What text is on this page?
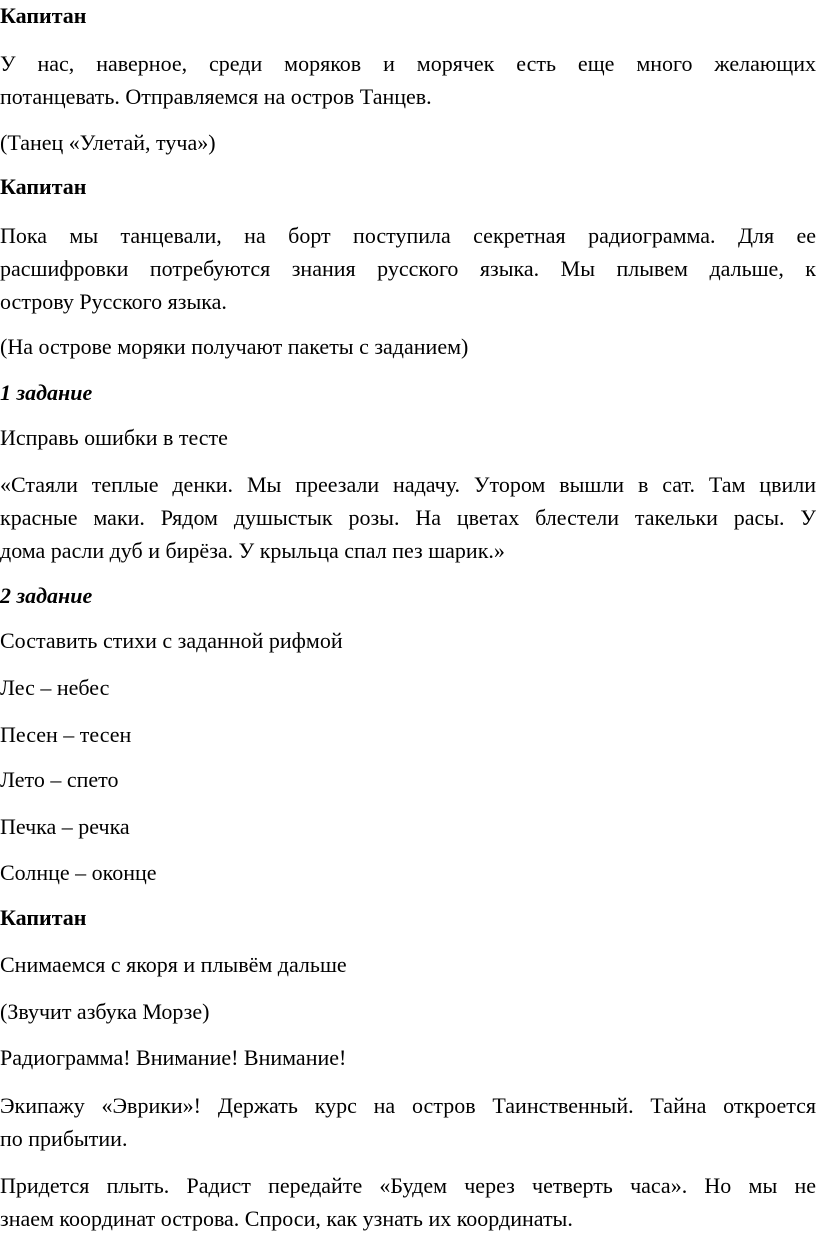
Капитан
У нас, наверное, среди моряков и морячек есть еще много желающих
потанцевать. Отправляемся на остров Танцев.
(Танец «Улетай, туча»)
Капитан
Пока мы танцевали, на борт поступила секретная радиограмма. Для ее
расшифровки потребуются знания русского языка. Мы плывем дальше, к
острову Русского языка.
(На острове моряки получают пакеты с заданием)
1 задание
Исправь ошибки в тесте
«Стаяли теплые денки. Мы преезали надачу. Утором вышли в сат. Там цвили
красные маки. Рядом душыстык розы. На цветах блестели такельки расы. У
дома расли дуб и бирёза. У крыльца спал пез шарик.»
2 задание
Составить стихи с заданной рифмой
Лес – небес
Песен – тесен
Лето – спето
Печка – речка
Солнце – оконце
Капитан
Снимаемся с якоря и плывём дальше
(Звучит азбука Морзе)
Радиограмма! Внимание! Внимание!
Экипажу «Эврики»! Держать курс на остров Таинственный. Тайна откроется
по прибытии.
Придется плыть. Радист передайте «Будем через четверть часа». Но мы не
знаем координат острова. Спроси, как узнать их координаты.
